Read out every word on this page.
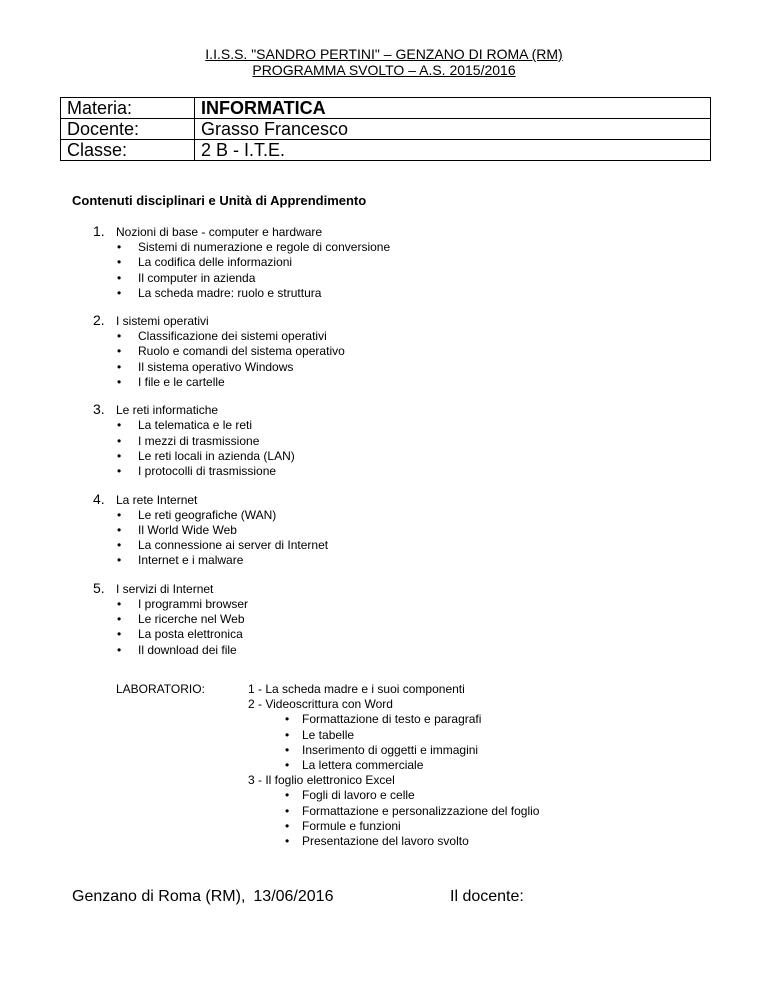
I.I.S.S. "SANDRO PERTINI" – GENZANO DI ROMA (RM)
PROGRAMMA SVOLTO – A.S. 2015/2016
Materia:	INFORMATICA
Docente:	Grasso Francesco
Classe:	2 B - I.T.E.
Contenuti disciplinari e Unità di Apprendimento
1. Nozioni di base - computer e hardware
• Sistemi di numerazione e regole di conversione
• La codifica delle informazioni
• Il computer in azienda
• La scheda madre: ruolo e struttura
2. I sistemi operativi
• Classificazione dei sistemi operativi
• Ruolo e comandi del sistema operativo
• Il sistema operativo Windows
• I file e le cartelle
3. Le reti informatiche
• La telematica e le reti
• I mezzi di trasmissione
• Le reti locali in azienda (LAN)
• I protocolli di trasmissione
4. La rete Internet
• Le reti geografiche (WAN)
• Il World Wide Web
• La connessione ai server di Internet
• Internet e i malware
5. I servizi di Internet
• I programmi browser
• Le ricerche nel Web
• La posta elettronica
• Il download dei file
LABORATORIO:	1 - La scheda madre e i suoi componenti
2 - Videoscrittura con Word
• Formattazione di testo e paragrafi
• Le tabelle
• Inserimento di oggetti e immagini
• La lettera commerciale
3 - Il foglio elettronico Excel
• Fogli di lavoro e celle
• Formattazione e personalizzazione del foglio
• Formule e funzioni
• Presentazione del lavoro svolto
Genzano di Roma (RM), 13/06/2016	Il docente:
